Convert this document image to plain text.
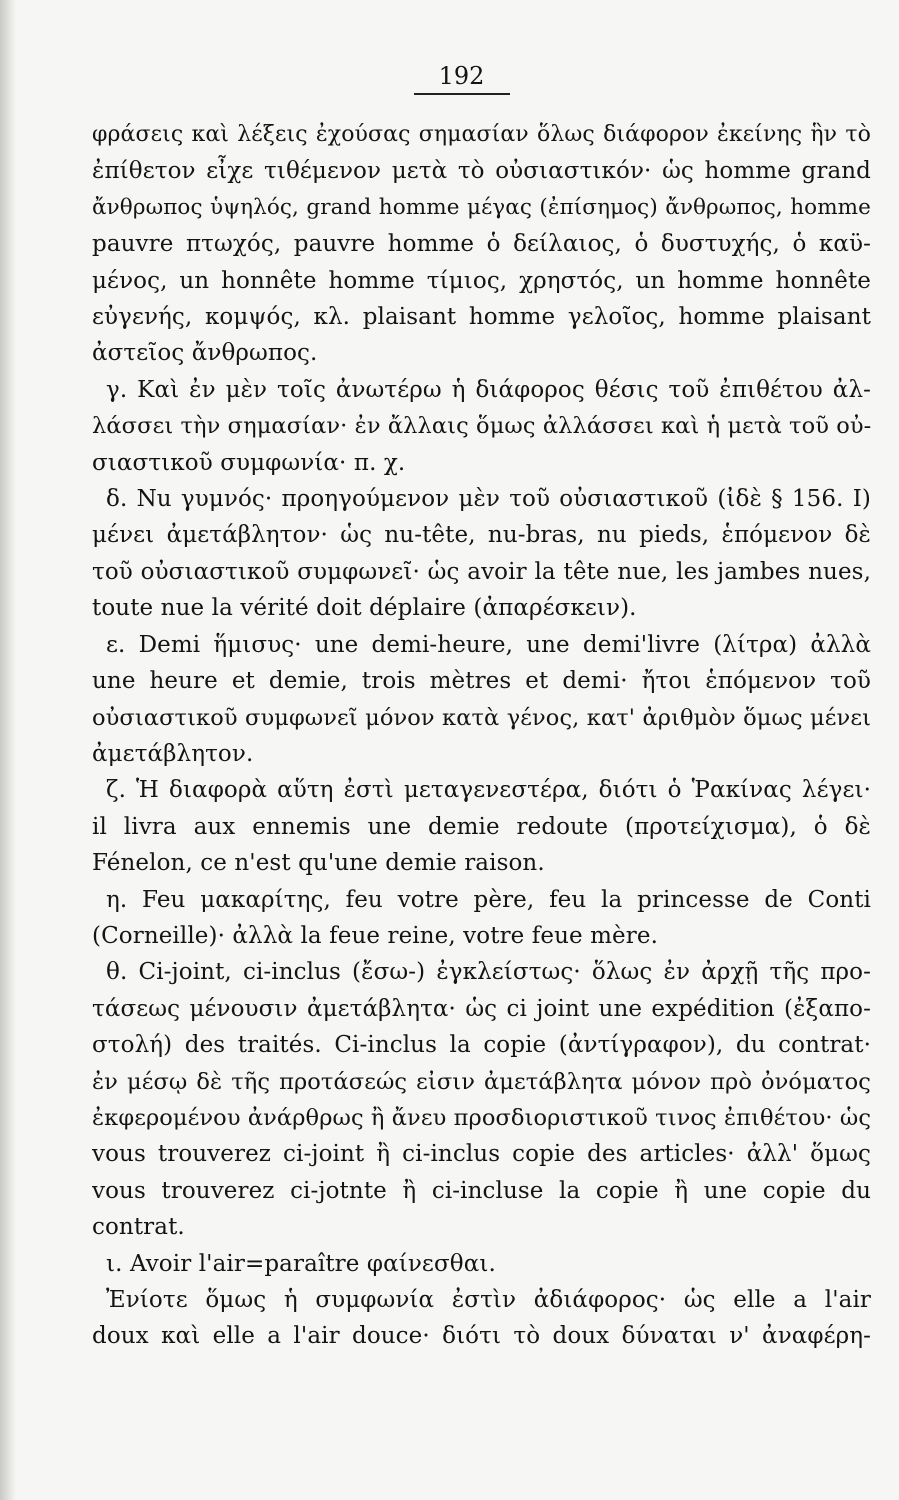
192
φράσεις καὶ λέξεις ἐχούσας σημασίαν ὅλως διάφορον ἐκείνης ἣν τὸ
ἐπίθετον εἶχε τιθέμενον μετὰ τὸ οὐσιαστικόν· ὡς homme grand
ἄνθρωπος ὑψηλός, grand homme μέγας (ἐπίσημος) ἄνθρωπος, homme
pauvre πτωχός, pauvre homme ὁ δείλαιος, ὁ δυστυχής, ὁ καϋ-
μένος, un honnête homme τίμιος, χρηστός, un homme honnête
εὐγενής, κομψός, κλ. plaisant homme γελοῖος, homme plaisant
ἀστεῖος ἄνθρωπος.
γ. Καὶ ἐν μὲν τοῖς ἀνωτέρω ἡ διάφορος θέσις τοῦ ἐπιθέτου ἀλ-
λάσσει τὴν σημασίαν· ἐν ἄλλαις ὅμως ἀλλάσσει καὶ ἡ μετὰ τοῦ οὐ-
σιαστικοῦ συμφωνία· π. χ.
δ. Nu γυμνός· προηγούμενον μὲν τοῦ οὐσιαστικοῦ (ἰδὲ § 156. I)
μένει ἀμετάβλητον· ὡς nu-tête, nu-bras, nu pieds, ἑπόμενον δὲ
τοῦ οὐσιαστικοῦ συμφωνεῖ· ὡς avoir la tête nue, les jambes nues,
toute nue la vérité doit déplaire (ἀπαρέσκειν).
ε. Demi ἥμισυς· une demi-heure, une demi'livre (λίτρα) ἀλλὰ
une heure et demie, trois mètres et demi· ἤτοι ἑπόμενον τοῦ
οὐσιαστικοῦ συμφωνεῖ μόνον κατὰ γένος, κατ' ἀριθμὸν ὅμως μένει
ἀμετάβλητον.
ζ. Ἡ διαφορὰ αὕτη ἐστὶ μεταγενεστέρα, διότι ὁ Ῥακίνας λέγει·
il livra aux ennemis une demie redoute (προτείχισμα), ὁ δὲ
Fénelon, ce n'est qu'une demie raison.
η. Feu μακαρίτης, feu votre père, feu la princesse de Conti
(Corneille)· ἀλλὰ la feue reine, votre feue mère.
θ. Ci-joint, ci-inclus (ἔσω-) ἐγκλείστως· ὅλως ἐν ἀρχῇ τῆς προ-
τάσεως μένουσιν ἀμετάβλητα· ὡς ci joint une expédition (ἐξαπο-
στολή) des traités. Ci-inclus la copie (ἀντίγραφον), du contrat·
ἐν μέσῳ δὲ τῆς προτάσεώς εἰσιν ἀμετάβλητα μόνον πρὸ ὀνόματος
ἐκφερομένου ἀνάρθρως ἢ ἄνευ προσδιοριστικοῦ τινος ἐπιθέτου· ὡς
vous trouverez ci-joint ἢ ci-inclus copie des articles· ἀλλ' ὅμως
vous trouverez ci-jotnte ἢ ci-incluse la copie ἢ une copie du
contrat.
ι. Avoir l'air=paraître φαίνεσθαι.
Ἐνίοτε ὅμως ἡ συμφωνία ἐστὶν ἀδιάφορος· ὡς elle a l'air
doux καὶ elle a l'air douce· διότι τὸ doux δύναται ν' ἀναφέρη-
